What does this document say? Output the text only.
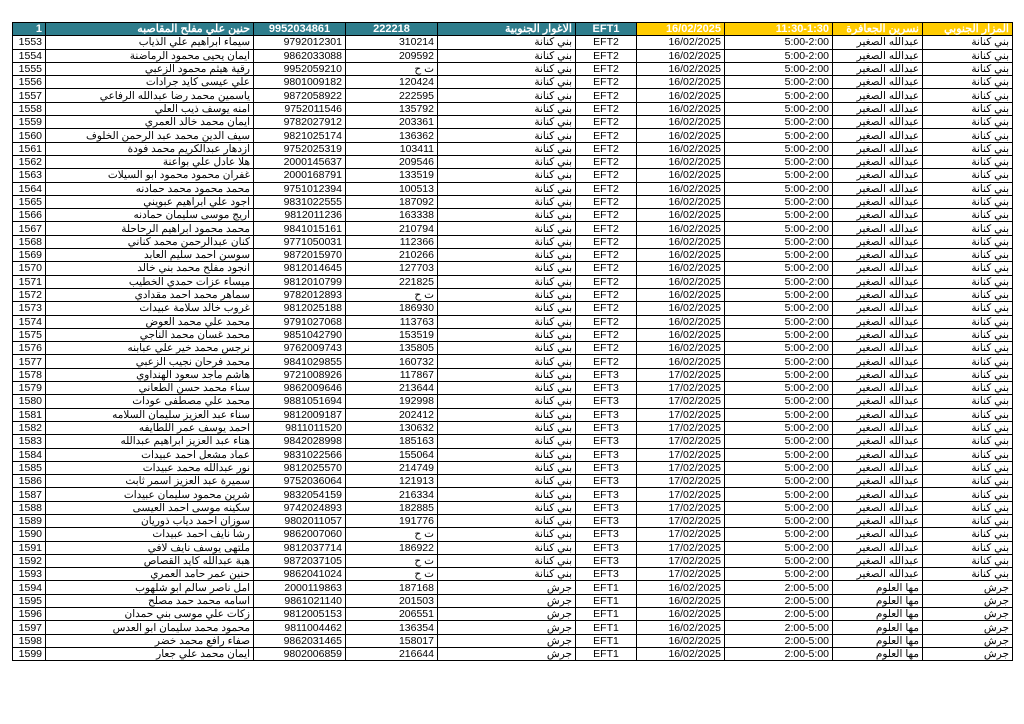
1	حنين علي مفلح المقاصبه	9952034861	222218	الاغوار الجنوبية	EFT1	16/02/2025	11:30-1:30	نسرين الجعافرة	المزار الجنوبي
1553	سيماء ابراهيم علي الذياب	9792012301	310214	بني كنانة	EFT2	16/02/2025	5:00-2:00	عبدالله الصغير	بني كنانة
1554	ايمان يحيى محمود الرماضنة	9862033088	209592	بني كنانة	EFT2	16/02/2025	5:00-2:00	عبدالله الصغير	بني كنانة
1555	رقية هيثم محمود الزعبي	9952059210	ت ح	بني كنانة	EFT2	16/02/2025	5:00-2:00	عبدالله الصغير	بني كنانة
1556	علي عيسى كايد جرادات	9801009182	120424	بني كنانة	EFT2	16/02/2025	5:00-2:00	عبدالله الصغير	بني كنانة
1557	ياسمين محمد رضا عبدالله الرفاعي	9872058922	222595	بني كنانة	EFT2	16/02/2025	5:00-2:00	عبدالله الصغير	بني كنانة
1558	امنه يوسف ذيب العلي	9752011546	135792	بني كنانة	EFT2	16/02/2025	5:00-2:00	عبدالله الصغير	بني كنانة
1559	ايمان محمد خالد العمري	9782027912	203361	بني كنانة	EFT2	16/02/2025	5:00-2:00	عبدالله الصغير	بني كنانة
1560	سيف الدين محمد عبد الرحمن الخلوف	9821025174	136362	بني كنانة	EFT2	16/02/2025	5:00-2:00	عبدالله الصغير	بني كنانة
1561	ازدهار عبدالكريم محمد فودة	9752025319	103411	بني كنانة	EFT2	16/02/2025	5:00-2:00	عبدالله الصغير	بني كنانة
1562	هلا عادل علي بواعنة	2000145637	209546	بني كنانة	EFT2	16/02/2025	5:00-2:00	عبدالله الصغير	بني كنانة
1563	غفران محمود محمود ابو السيلات	2000168791	133519	بني كنانة	EFT2	16/02/2025	5:00-2:00	عبدالله الصغير	بني كنانة
1564	محمد محمود محمد حمادنه	9751012394	100513	بني كنانة	EFT2	16/02/2025	5:00-2:00	عبدالله الصغير	بني كنانة
1565	اجود علي ابراهيم عبويني	9831022555	187092	بني كنانة	EFT2	16/02/2025	5:00-2:00	عبدالله الصغير	بني كنانة
1566	اريج موسى سليمان حمادنه	9812011236	163338	بني كنانة	EFT2	16/02/2025	5:00-2:00	عبدالله الصغير	بني كنانة
1567	محمد محمود ابراهيم الرحاحلة	9841015161	210794	بني كنانة	EFT2	16/02/2025	5:00-2:00	عبدالله الصغير	بني كنانة
1568	كنان عبدالرحمن محمد كناني	9771050031	112366	بني كنانة	EFT2	16/02/2025	5:00-2:00	عبدالله الصغير	بني كنانة
1569	سوسن احمد سليم العابد	9872015970	210266	بني كنانة	EFT2	16/02/2025	5:00-2:00	عبدالله الصغير	بني كنانة
1570	انجود مفلح محمد بني خالد	9812014645	127703	بني كنانة	EFT2	16/02/2025	5:00-2:00	عبدالله الصغير	بني كنانة
1571	ميساء عزات حمدي الخطيب	9812010799	221825	بني كنانة	EFT2	16/02/2025	5:00-2:00	عبدالله الصغير	بني كنانة
1572	سماهر محمد احمد مقدادي	9782012893	ت ح	بني كنانة	EFT2	16/02/2025	5:00-2:00	عبدالله الصغير	بني كنانة
1573	غروب خالد سلامة عبيدات	9812025188	186930	بني كنانة	EFT2	16/02/2025	5:00-2:00	عبدالله الصغير	بني كنانة
1574	محمد علي محمد العوض	9791027068	113763	بني كنانة	EFT2	16/02/2025	5:00-2:00	عبدالله الصغير	بني كنانة
1575	محمد غسان محمد الناجي	9851042790	153519	بني كنانة	EFT2	16/02/2025	5:00-2:00	عبدالله الصغير	بني كنانة
1576	نرجس محمد خير علي عبابنه	9762009743	135805	بني كنانة	EFT2	16/02/2025	5:00-2:00	عبدالله الصغير	بني كنانة
1577	محمد فرحان نجيب الزعبي	9841029855	160732	بني كنانة	EFT2	16/02/2025	5:00-2:00	عبدالله الصغير	بني كنانة
1578	هاشم ماجد سعود الهنداوي	9721008926	117867	بني كنانة	EFT3	17/02/2025	5:00-2:00	عبدالله الصغير	بني كنانة
1579	سناء محمد حسن الطعاني	9862009646	213644	بني كنانة	EFT3	17/02/2025	5:00-2:00	عبدالله الصغير	بني كنانة
1580	محمد علي مصطفى عودات	9881051694	192998	بني كنانة	EFT3	17/02/2025	5:00-2:00	عبدالله الصغير	بني كنانة
1581	سناء عبد العزيز سليمان السلامه	9812009187	202412	بني كنانة	EFT3	17/02/2025	5:00-2:00	عبدالله الصغير	بني كنانة
1582	احمد يوسف عمر اللطايفه	9811011520	130632	بني كنانة	EFT3	17/02/2025	5:00-2:00	عبدالله الصغير	بني كنانة
1583	هناء عبد العزيز ابراهيم عبدالله	9842028998	185163	بني كنانة	EFT3	17/02/2025	5:00-2:00	عبدالله الصغير	بني كنانة
1584	عماد مشعل احمد عبيدات	9831022566	155064	بني كنانة	EFT3	17/02/2025	5:00-2:00	عبدالله الصغير	بني كنانة
1585	نور عبدالله محمد عبيدات	9812025570	214749	بني كنانة	EFT3	17/02/2025	5:00-2:00	عبدالله الصغير	بني كنانة
1586	سميرة عبد العزيز اسمر ثابت	9752036064	121913	بني كنانة	EFT3	17/02/2025	5:00-2:00	عبدالله الصغير	بني كنانة
1587	شرين محمود سليمان عبيدات	9832054159	216334	بني كنانة	EFT3	17/02/2025	5:00-2:00	عبدالله الصغير	بني كنانة
1588	سكينه موسى احمد العيسى	9742024893	182885	بني كنانة	EFT3	17/02/2025	5:00-2:00	عبدالله الصغير	بني كنانة
1589	سوزان احمد دياب ذوريان	9802011057	191776	بني كنانة	EFT3	17/02/2025	5:00-2:00	عبدالله الصغير	بني كنانة
1590	رشا نايف احمد عبيدات	9862007060	ت ح	بني كنانة	EFT3	17/02/2025	5:00-2:00	عبدالله الصغير	بني كنانة
1591	ملتهى يوسف نايف لافي	9812037714	186922	بني كنانة	EFT3	17/02/2025	5:00-2:00	عبدالله الصغير	بني كنانة
1592	هبة عبدالله كايد القصاص	9872037105	ت ح	بني كنانة	EFT3	17/02/2025	5:00-2:00	عبدالله الصغير	بني كنانة
1593	حنين عمر حامد العمري	9862041024	ت ح	بني كنانة	EFT3	17/02/2025	5:00-2:00	عبدالله الصغير	بني كنانة
1594	امل ناصر سالم ابو شلهوب	2000119863	187168	جرش	EFT1	16/02/2025	2:00-5:00	مها العلوم	جرش
1595	اسامه محمد حمد مصلح	9861021140	201503	جرش	EFT1	16/02/2025	2:00-5:00	مها العلوم	جرش
1596	زكات علي موسى بني حمدان	9812005153	206551	جرش	EFT1	16/02/2025	2:00-5:00	مها العلوم	جرش
1597	محمود محمد سليمان ابو العدس	9811004462	136354	جرش	EFT1	16/02/2025	2:00-5:00	مها العلوم	جرش
1598	صفاء رافع محمد خضر	9862031465	158017	جرش	EFT1	16/02/2025	2:00-5:00	مها العلوم	جرش
1599	ايمان محمد علي جعار	9802006859	216644	جرش	EFT1	16/02/2025	2:00-5:00	مها العلوم	جرش
